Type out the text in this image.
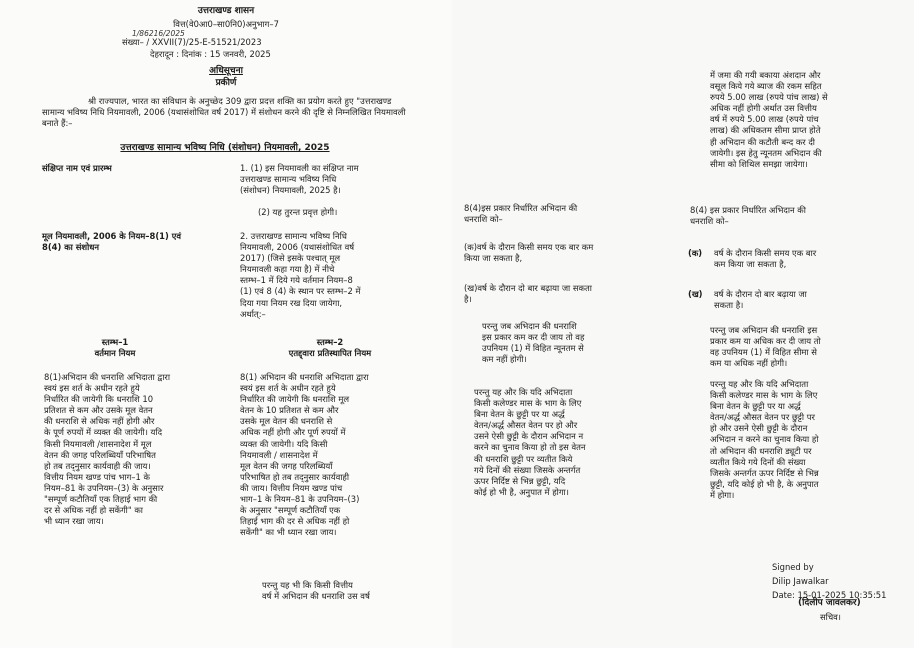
उत्तराखण्ड शासन
वित्त(वे0आ0–सा0नि0)अनुभाग–7
1/86216/2025
संख्या– / XXVII(7)/25-E-51521/2023
देहरादून : दिनांक : 15 जनवरी, 2025
अधिसूचना
प्रकीर्ण
श्री राज्यपाल, भारत का संविधान के अनुच्छेद 309 द्वारा प्रदत्त शक्ति का प्रयोग करते हुए "उत्तराखण्ड सामान्य भविष्य निधि नियमावली, 2006 (यथासंशोधित वर्ष 2017) में संशोधन करने की दृष्टि से निम्नलिखित नियमावली बनाते हैं:–
उत्तराखण्ड सामान्य भविष्य निधि (संशोधन) नियमावली, 2025
संक्षिप्त नाम एवं प्रारम्भ	1. (1) इस नियमावली का संक्षिप्त नाम
उत्तराखण्ड सामान्य भविष्य निधि
(संशोधन) नियमावली, 2025 है।
(2) यह तुरन्त प्रवृत्त होगी।
मूल नियमावली, 2006 के नियम–8(1) एवं
8(4) का संशोधन
2. उत्तराखण्ड सामान्य भविष्य निधि
नियमावली, 2006 (यथासंशोधित वर्ष
2017) (जिसे इसके पश्चात् मूल
नियमावली कहा गया है) में नीचे
स्तम्भ–1 में दिये गये वर्तमान नियम–8
(1) एवं 8 (4) के स्थान पर स्तम्भ–2 में
दिया गया नियम रख दिया जायेगा,
अर्थात्:–
स्तम्भ–1
वर्तमान नियम
स्तम्भ–2
एतद्द्वारा प्रतिस्थापित नियम
8(1)अभिदान की धनराशि अभिदाता द्वारा
स्वयं इस शर्त के अधीन रहते हुये
निर्धारित की जायेगी कि धनराशि 10
प्रतिशत से कम और उसके मूल वेतन
की धनराशि से अधिक नहीं होगी और
के पूर्ण रुपयों में व्यक्त की जायेगी। यदि
किसी नियमावली /शासनादेश में मूल
वेतन की जगह परिलब्धियाँ परिभाषित
हो तब तद्नुसार कार्यवाही की जाय।
वित्तीय नियम खण्ड पांच भाग–1 के
नियम–81 के उपनियम–(3) के अनुसार
"सम्पूर्ण कटौतियाँ एक तिहाई भाग की
दर से अधिक नहीं हो सकेंगी" का
भी ध्यान रखा जाय।
8(1) अभिदान की धनराशि अभिदाता द्वारा
स्वयं इस शर्त के अधीन रहते हुये
निर्धारित की जायेगी कि धनराशि मूल
वेतन के 10 प्रतिशत से कम और
उसके मूल वेतन की धनराशि से
अधिक नहीं होगी और पूर्ण रुपयों में
व्यक्त की जायेगी। यदि किसी
नियमावली / शासनादेश में
मूल वेतन की जगह परिलब्धियाँ
परिभाषित हो तब तद्नुसार कार्यवाही
की जाय। वित्तीय नियम खण्ड पांच
भाग–1 के नियम–81 के उपनियम–(3)
के अनुसार "सम्पूर्ण कटौतियाँ एक
तिहाई भाग की दर से अधिक नहीं हो
सकेंगी" का भी ध्यान रखा जाय।
परन्तु यह भी कि किसी वित्तीय
वर्ष में अभिदान की धनराशि उस वर्ष
8(4)इस प्रकार निर्धारित अभिदान की
धनराशि को–
(क)वर्ष के दौरान किसी समय एक बार कम
किया जा सकता है,
(ख)वर्ष के दौरान दो बार बढ़ाया जा सकता
है।
परन्तु जब अभिदान की धनराशि
इस प्रकार कम कर दी जाय तो वह
उपनियम (1) में विहित न्यूनतम से
कम नहीं होगी।
परन्तु यह और कि यदि अभिदाता
किसी कलेण्डर मास के भाग के लिए
बिना वेतन के छुट्टी पर या अर्द्ध
वेतन/अर्द्ध औसत वेतन पर हो और
उसने ऐसी छुट्टी के दौरान अभिदान न
करने का चुनाव किया हो तो इस वेतन
की धनराशि छुट्टी पर व्यतीत किये
गये दिनों की संख्या जिसके अन्तर्गत
ऊपर निर्दिष्ट से भिन्न छुट्टी, यदि
कोई हो भी है, अनुपात में होगा।
में जमा की गयी बकाया अंशदान और
वसूल किये गये ब्याज की रकम सहित
रुपये 5.00 लाख (रुपये पांच लाख) से
अधिक नहीं होगी अर्थात उस वित्तीय
वर्ष में रुपये 5.00 लाख (रुपये पांच
लाख) की अधिकतम सीमा प्राप्त होते
ही अभिदान की कटौती बन्द कर दी
जायेगी। इस हेतु न्यूनतम अभिदान की
सीमा को शिथिल समझा जायेगा।
8(4) इस प्रकार निर्धारित अभिदान की
धनराशि को–
(क) वर्ष के दौरान किसी समय एक बार
कम किया जा सकता है,
(ख) वर्ष के दौरान दो बार बढ़ाया जा
सकता है।
परन्तु जब अभिदान की धनराशि इस
प्रकार कम या अधिक कर दी जाय तो
वह उपनियम (1) में विहित सीमा से
कम या अधिक नहीं होगी।
परन्तु यह और कि यदि अभिदाता
किसी कलेण्डर मास के भाग के लिए
बिना वेतन के छुट्टी पर या अर्द्ध
वेतन/अर्द्ध औसत वेतन पर छुट्टी पर
हो और उसने ऐसी छुट्टी के दौरान
अभिदान न करने का चुनाव किया हो
तो अभिदान की धनराशि ड्यूटी पर
व्यतीत किये गये दिनों की संख्या
जिसके अन्तर्गत ऊपर निर्दिष्ट से भिन्न
छुट्टी, यदि कोई हो भी है, के अनुपात
में होगा।
Signed by
Dilip Jawalkar
Date: 15-01-2025 10:35:51
(दिलीप जावलकर)
सचिव।
